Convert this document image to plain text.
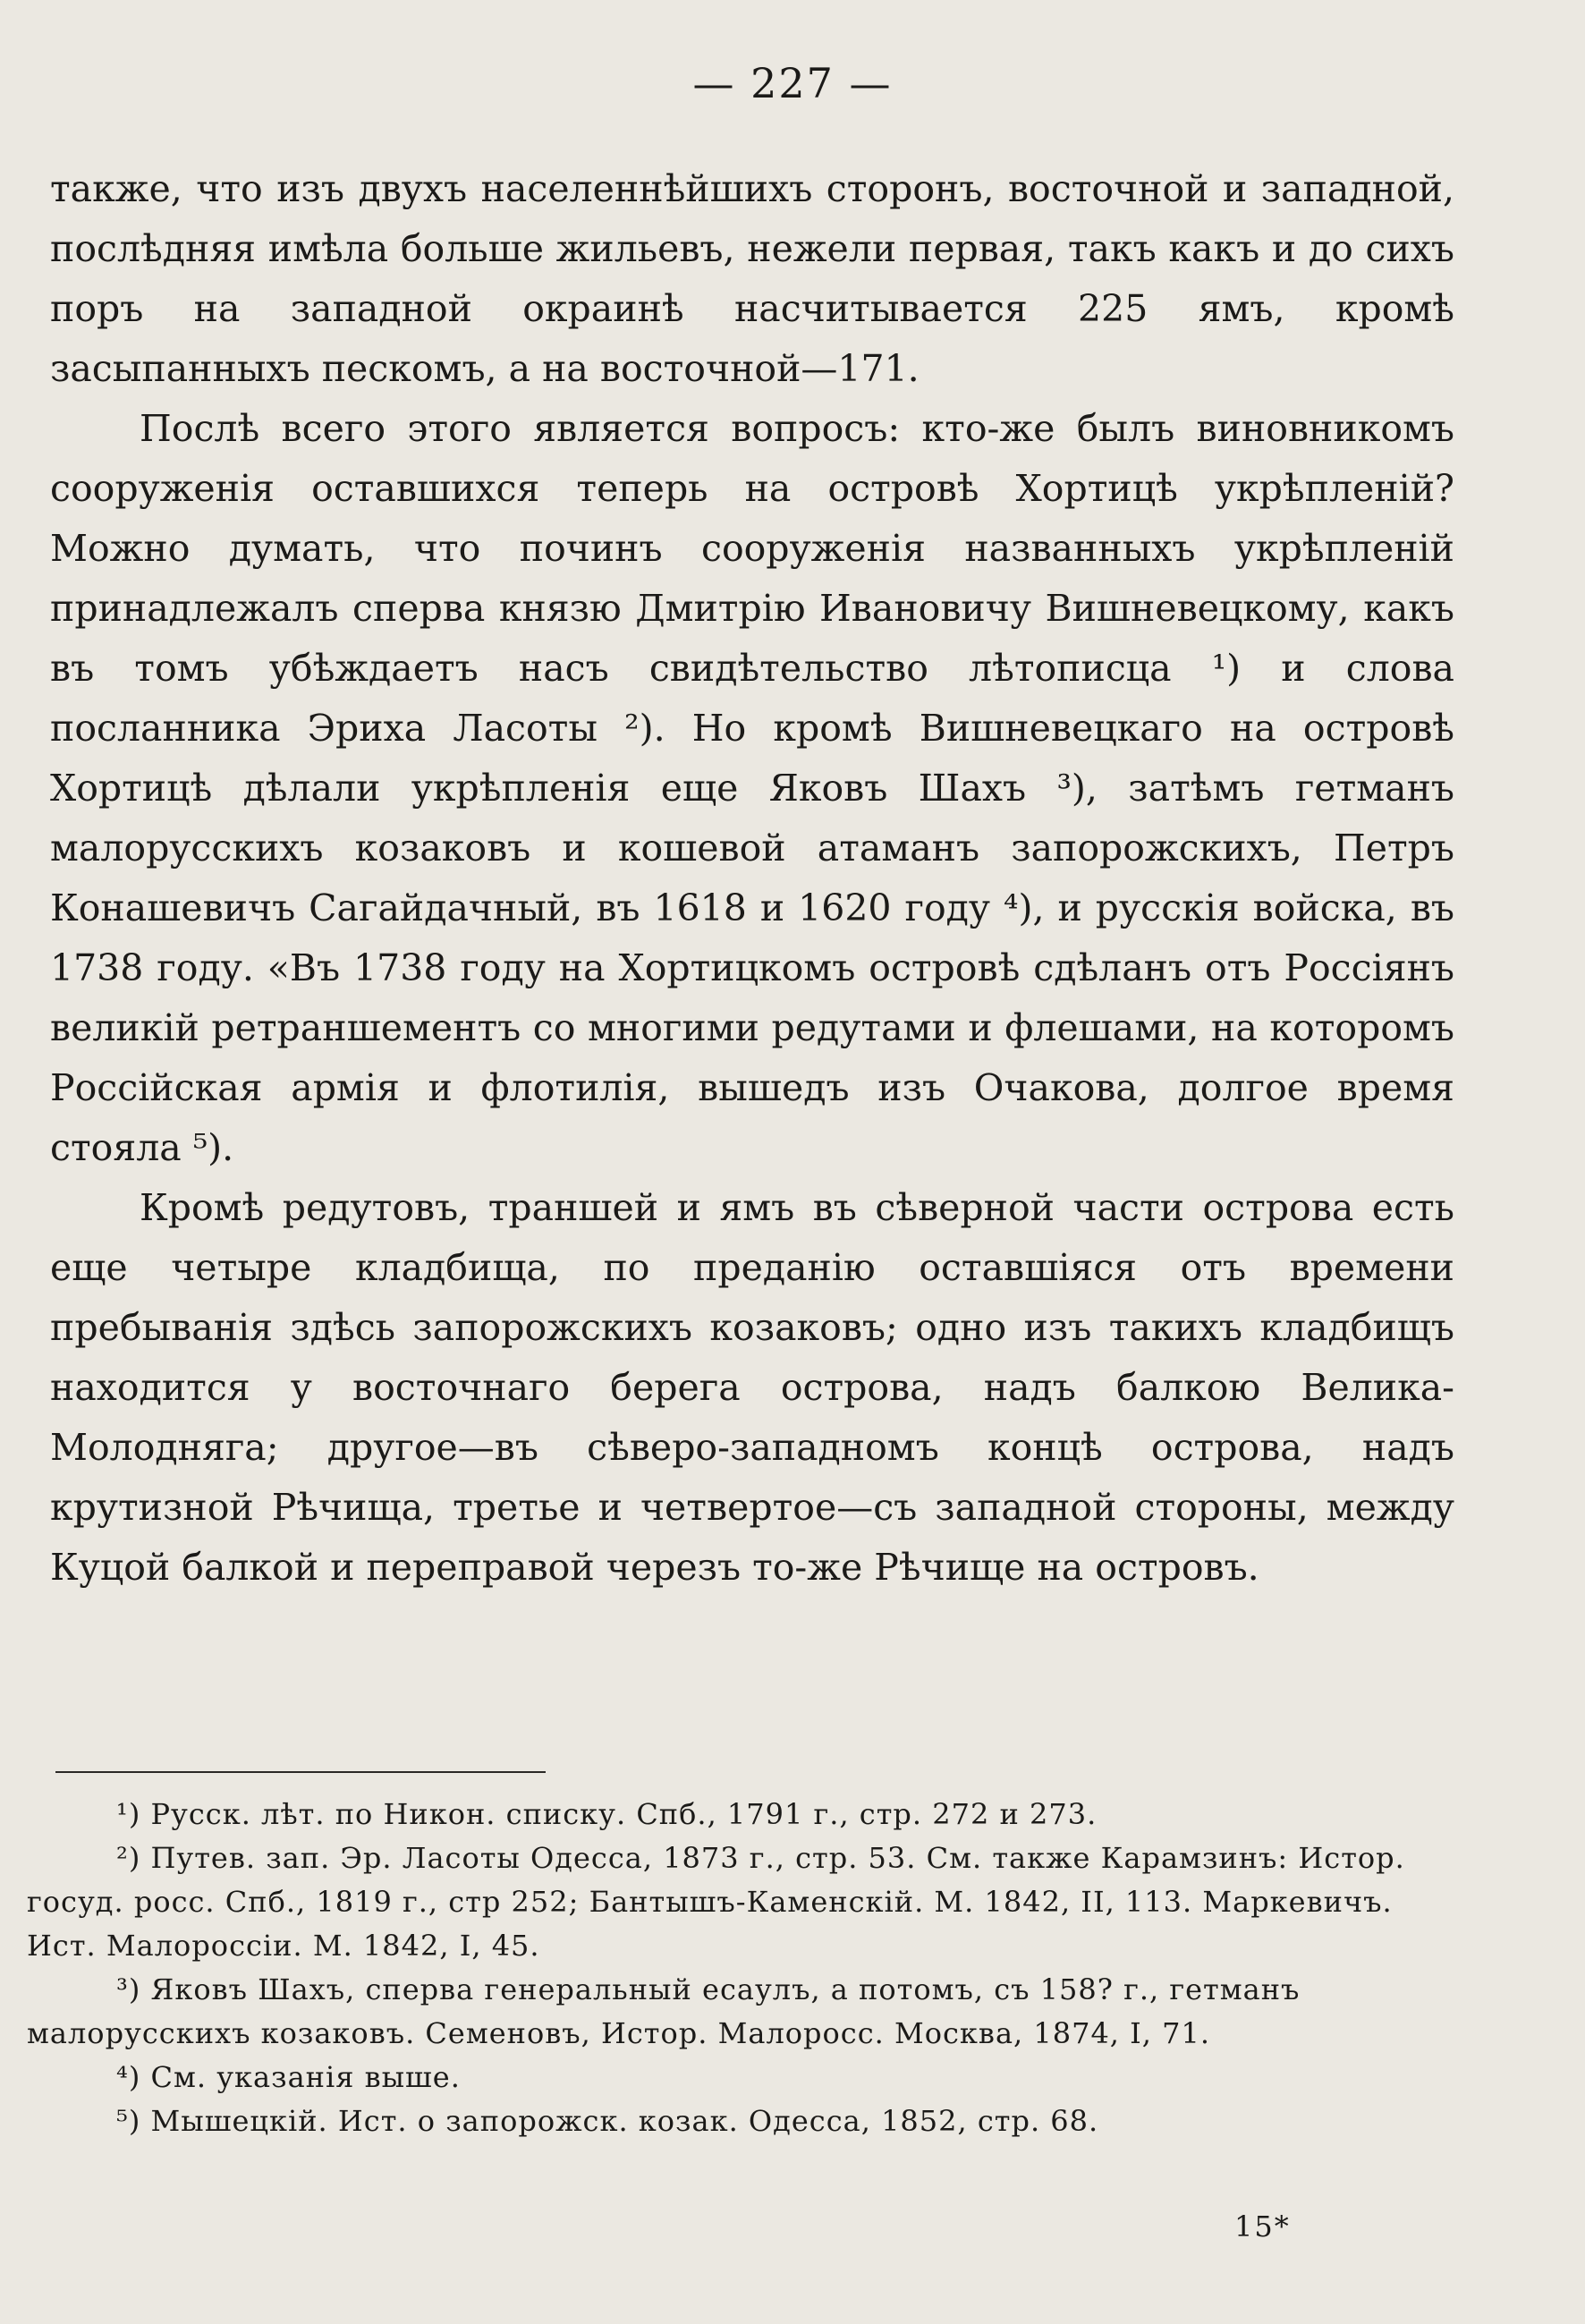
— 227 —

также, что изъ двухъ населеннѣйшихъ сторонъ, восточной и западной, послѣдняя имѣла больше жильевъ, нежели первая, такъ какъ и до сихъ поръ на западной окраинѣ насчитывается 225 ямъ, кромѣ засыпанныхъ пескомъ, а на восточной—171.

Послѣ всего этого является вопросъ: кто-же былъ виновникомъ сооруженія оставшихся теперь на островѣ Хортицѣ укрѣпленій? Можно думать, что починъ сооруженія названныхъ укрѣпленій принадлежалъ сперва князю Дмитрію Ивановичу Вишневецкому, какъ въ томъ убѣждаетъ насъ свидѣтельство лѣтописца ¹) и слова посланника Эриха Ласоты ²). Но кромѣ Вишневецкаго на островѣ Хортицѣ дѣлали укрѣпленія еще Яковъ Шахъ ³), затѣмъ гетманъ малорусскихъ козаковъ и кошевой атаманъ запорожскихъ, Петръ Конашевичъ Сагайдачный, въ 1618 и 1620 году ⁴), и русскія войска, въ 1738 году. «Въ 1738 году на Хортицкомъ островѣ сдѣланъ отъ Россіянъ великій ретраншементъ со многими редутами и флешами, на которомъ Россійская армія и флотилія, вышедъ изъ Очакова, долгое время стояла ⁵).

Кромѣ редутовъ, траншей и ямъ въ сѣверной части острова есть еще четыре кладбища, по преданію оставшіяся отъ времени пребыванія здѣсь запорожскихъ козаковъ; одно изъ такихъ кладбищъ находится у восточнаго берега острова, надъ балкою Велика-Молодняга; другое—въ сѣверо-западномъ концѣ острова, надъ крутизной Рѣчища, третье и четвертое—съ западной стороны, между Куцой балкой и переправой черезъ то-же Рѣчище на островъ.

¹) Русск. лѣт. по Никон. списку. Спб., 1791 г., стр. 272 и 273.

²) Путев. зап. Эр. Ласоты Одесса, 1873 г., стр. 53. См. также Карамзинъ: Истор. госуд. росс. Спб., 1819 г., стр 252; Бантышъ-Каменскій. М. 1842, II, 113. Маркевичъ. Ист. Малороссіи. М. 1842, I, 45.

³) Яковъ Шахъ, сперва генеральный есаулъ, а потомъ, съ 158? г., гетманъ малорусскихъ козаковъ. Семеновъ, Истор. Малоросс. Москва, 1874, I, 71.

⁴) См. указанія выше.

⁵) Мышецкій. Ист. о запорожск. козак. Одесса, 1852, стр. 68.

15*
